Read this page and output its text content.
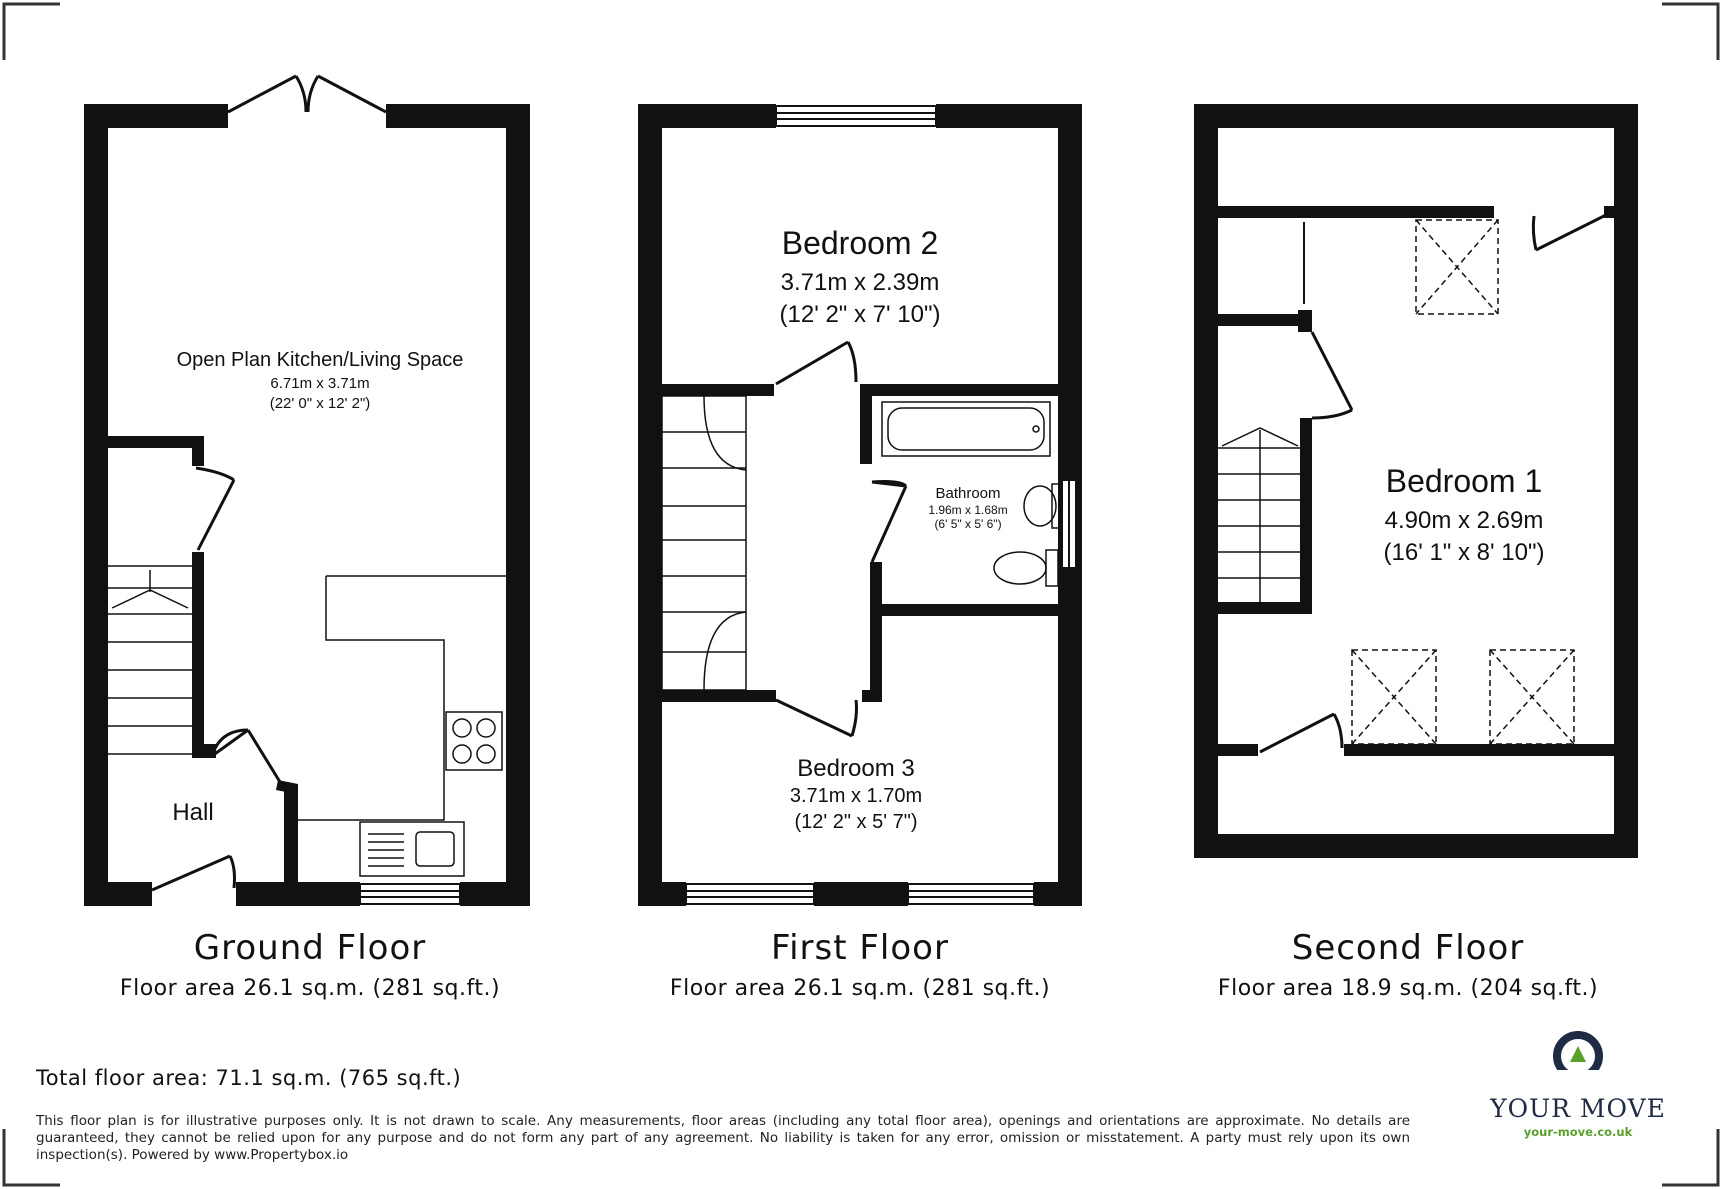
Open Plan Kitchen/Living Space
6.71m x 3.71m
(22' 0" x 12' 2")
Hall
Bedroom 2
3.71m x 2.39m
(12' 2" x 7' 10")
Bathroom
1.96m x 1.68m
(6' 5" x 5' 6")
Bedroom 3
3.71m x 1.70m
(12' 2" x 5' 7")
Bedroom 1
4.90m x 2.69m
(16' 1" x 8' 10")
Ground Floor
Floor area 26.1 sq.m. (281 sq.ft.)
First Floor
Floor area 26.1 sq.m. (281 sq.ft.)
Second Floor
Floor area 18.9 sq.m. (204 sq.ft.)
Total floor area: 71.1 sq.m. (765 sq.ft.)
This floor plan is for illustrative purposes only. It is not drawn to scale. Any measurements, floor areas (including any total floor area), openings and orientations are approximate. No details are guaranteed, they cannot be relied upon for any purpose and do not form any part of any agreement. No liability is taken for any error, omission or misstatement. A party must rely upon its own inspection(s). Powered by www.Propertybox.io
YOUR MOVE
your-move.co.uk
